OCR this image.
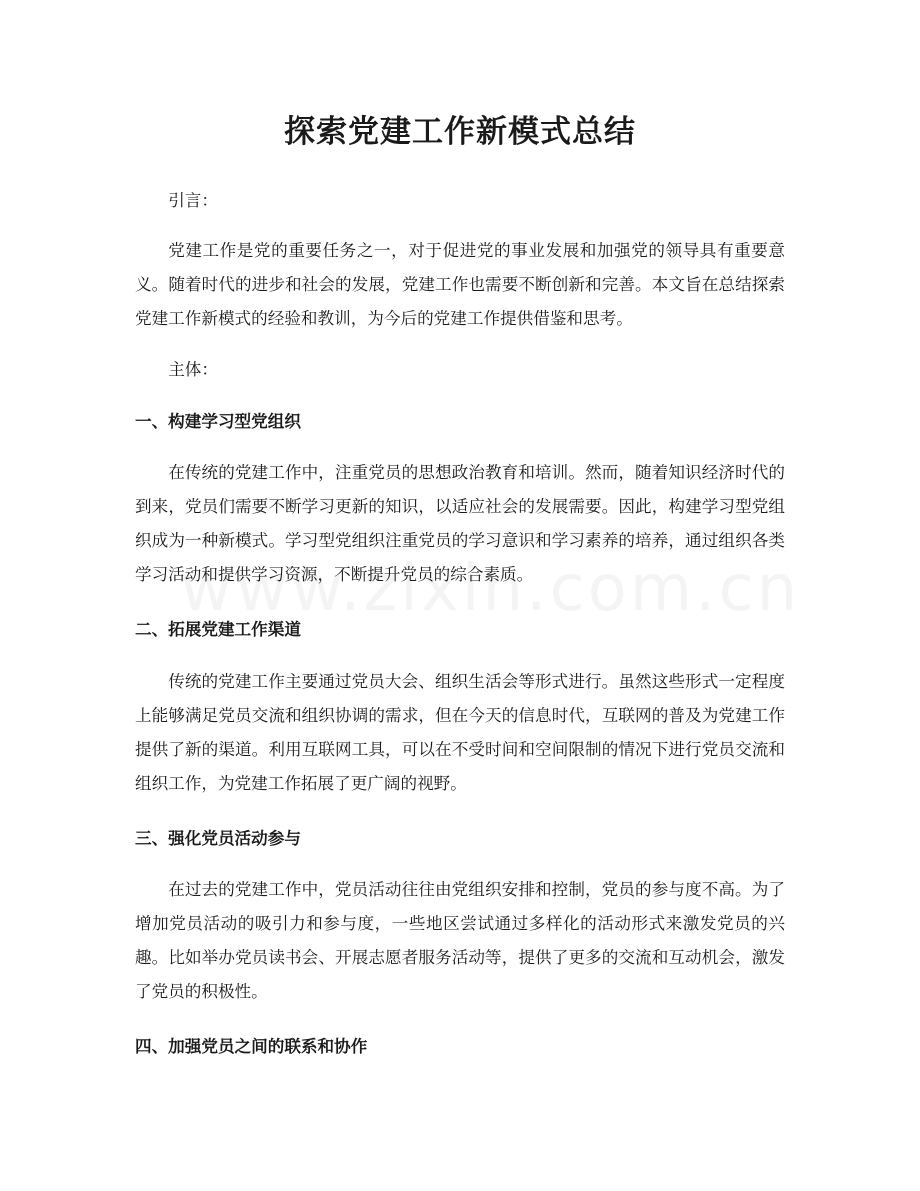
探索党建工作新模式总结

引言：

党建工作是党的重要任务之一，对于促进党的事业发展和加强党的领导具有重要意义。随着时代的进步和社会的发展，党建工作也需要不断创新和完善。本文旨在总结探索党建工作新模式的经验和教训，为今后的党建工作提供借鉴和思考。

主体：

一、构建学习型党组织

在传统的党建工作中，注重党员的思想政治教育和培训。然而，随着知识经济时代的到来，党员们需要不断学习更新的知识，以适应社会的发展需要。因此，构建学习型党组织成为一种新模式。学习型党组织注重党员的学习意识和学习素养的培养，通过组织各类学习活动和提供学习资源，不断提升党员的综合素质。

二、拓展党建工作渠道

传统的党建工作主要通过党员大会、组织生活会等形式进行。虽然这些形式一定程度上能够满足党员交流和组织协调的需求，但在今天的信息时代，互联网的普及为党建工作提供了新的渠道。利用互联网工具，可以在不受时间和空间限制的情况下进行党员交流和组织工作，为党建工作拓展了更广阔的视野。

三、强化党员活动参与

在过去的党建工作中，党员活动往往由党组织安排和控制，党员的参与度不高。为了增加党员活动的吸引力和参与度，一些地区尝试通过多样化的活动形式来激发党员的兴趣。比如举办党员读书会、开展志愿者服务活动等，提供了更多的交流和互动机会，激发了党员的积极性。

四、加强党员之间的联系和协作
